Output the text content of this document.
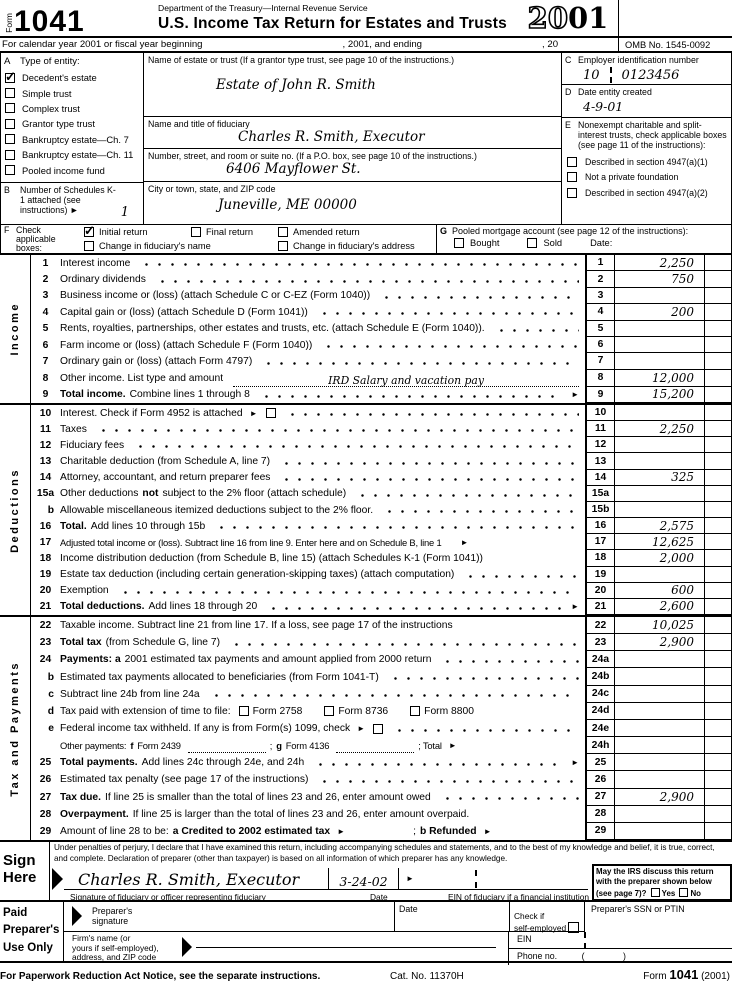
Form 1041	Department of the Treasury—Internal Revenue Service
U.S. Income Tax Return for Estates and Trusts 20 01
For calendar year 2001 or fiscal year beginning	, 2001, and ending	, 20	OMB No. 1545-0092
A Type of entity:
✓
Decedent's estate
Simple trust
Complex trust
Grantor type trust
Bankruptcy estate—Ch. 7
Bankruptcy estate—Ch. 11
Pooled income fund
B Number of Schedules K-1 attached (see instructions) ►	1
Name of estate or trust (If a grantor type trust, see page 10 of the instructions.)
Estate of John R. Smith
Name and title of fiduciary
Charles R. Smith, Executor
Number, street, and room or suite no. (If a P.O. box, see page 10 of the instructions.)
6406 Mayflower St.
City or town, state, and ZIP code
Juneville, ME 00000
C Employer identification number
10 0123456
D Date entity created
4-9-01
E Nonexempt charitable and split-interest trusts, check applicable boxes (see page 11 of the instructions):
Described in section 4947(a)(1)
Not a private foundation
Described in section 4947(a)(2)
F Check
applicable
boxes:
✓
Initial return	Final return	Amended return
Change in fiduciary's name	Change in fiduciary's address
G Pooled mortgage account (see page 12 of the instructions):
Bought	Sold	Date:
Income
1	Interest income	1	2,250
2	Ordinary dividends	2	750
3	Business income or (loss) (attach Schedule C or C-EZ (Form 1040))	3
4	Capital gain or (loss) (attach Schedule D (Form 1041))	4	200
5	Rents, royalties, partnerships, other estates and trusts, etc. (attach Schedule E (Form 1040)).	5
6	Farm income or (loss) (attach Schedule F (Form 1040))	6
7	Ordinary gain or (loss) (attach Form 4797)	7
8	Other income. List type and amount	IRD Salary and vacation pay	8	12,000
9	Total income. Combine lines 1 through 8	►	9	15,200
Deductions
10 Interest. Check if Form 4952 is attached ►	10
11 Taxes	11	2,250
12 Fiduciary fees	12
13 Charitable deduction (from Schedule A, line 7)	13
14 Attorney, accountant, and return preparer fees	14	325
15a Other deductions not subject to the 2% floor (attach schedule)	15a
b Allowable miscellaneous itemized deductions subject to the 2% floor.	15b
16 Total. Add lines 10 through 15b	16	2,575
17 Adjusted total income or (loss). Subtract line 16 from line 9. Enter here and on Schedule B, line 1 ►	17	12,625
18 Income distribution deduction (from Schedule B, line 15) (attach Schedules K-1 (Form 1041))	18	2,000
19 Estate tax deduction (including certain generation-skipping taxes) (attach computation)	19
20 Exemption	20	600
21 Total deductions. Add lines 18 through 20	►	21	2,600
Tax and Payments
22 Taxable income. Subtract line 21 from line 17. If a loss, see page 17 of the instructions	22	10,025
23 Total tax (from Schedule G, line 7)	23	2,900
24 Payments: a 2001 estimated tax payments and amount applied from 2000 return	24a
b Estimated tax payments allocated to beneficiaries (from Form 1041-T)	24b
c Subtract line 24b from line 24a	24c
d Tax paid with extension of time to file: Form 2758	Form 8736	Form 8800	24d
e Federal income tax withheld. If any is from Form(s) 1099, check ►	24e
Other payments: f Form 2439	; g Form 4136	; Total ►	24h
25 Total payments. Add lines 24c through 24e, and 24h	►	25
26 Estimated tax penalty (see page 17 of the instructions)	26
27 Tax due. If line 25 is smaller than the total of lines 23 and 26, enter amount owed	27	2,900
28 Overpayment. If line 25 is larger than the total of lines 23 and 26, enter amount overpaid.	28
29 Amount of line 28 to be: a Credited to 2002 estimated tax ►	; b Refunded ►	29
Sign
Here
Under penalties of perjury, I declare that I have examined this return, including accompanying schedules and statements, and to the best of my knowledge and belief, it is true, correct, and complete. Declaration of preparer (other than taxpayer) is based on all information of which preparer has any knowledge.
Charles R. Smith, Executor	3-24-02 ►
Signature of fiduciary or officer representing fiduciary	Date	EIN of fiduciary if a financial institution
May the IRS discuss this return with the preparer shown below (see page 7)? Yes No
Paid
Preparer's
Use Only
Preparer's
signature
Date
Check if
self-employed
Preparer's SSN or PTIN
Firm's name (or
yours if self-employed),
address, and ZIP code
EIN
Phone no.	( )
For Paperwork Reduction Act Notice, see the separate instructions.	Cat. No. 11370H	Form 1041 (2001)
